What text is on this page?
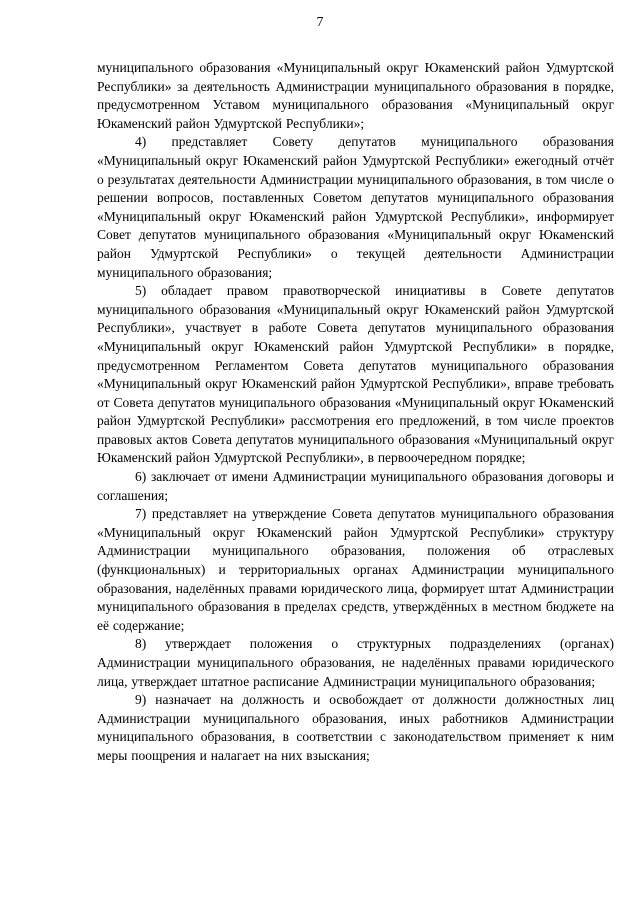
7

муниципального образования «Муниципальный округ Юкаменский район Удмуртской Республики» за деятельность Администрации муниципального образования в порядке, предусмотренном Уставом муниципального образования «Муниципальный округ Юкаменский район Удмуртской Республики»;

4) представляет Совету депутатов муниципального образования «Муниципальный округ Юкаменский район Удмуртской Республики» ежегодный отчёт о результатах деятельности Администрации муниципального образования, в том числе о решении вопросов, поставленных Советом депутатов муниципального образования «Муниципальный округ Юкаменский район Удмуртской Республики», информирует Совет депутатов муниципального образования «Муниципальный округ Юкаменский район Удмуртской Республики» о текущей деятельности Администрации муниципального образования;

5) обладает правом правотворческой инициативы в Совете депутатов муниципального образования «Муниципальный округ Юкаменский район Удмуртской Республики», участвует в работе Совета депутатов муниципального образования «Муниципальный округ Юкаменский район Удмуртской Республики» в порядке, предусмотренном Регламентом Совета депутатов муниципального образования «Муниципальный округ Юкаменский район Удмуртской Республики», вправе требовать от Совета депутатов муниципального образования «Муниципальный округ Юкаменский район Удмуртской Республики» рассмотрения его предложений, в том числе проектов правовых актов Совета депутатов муниципального образования «Муниципальный округ Юкаменский район Удмуртской Республики», в первоочередном порядке;

6) заключает от имени Администрации муниципального образования договоры и соглашения;

7) представляет на утверждение Совета депутатов муниципального образования «Муниципальный округ Юкаменский район Удмуртской Республики» структуру Администрации муниципального образования, положения об отраслевых (функциональных) и территориальных органах Администрации муниципального образования, наделённых правами юридического лица, формирует штат Администрации муниципального образования в пределах средств, утверждённых в местном бюджете на её содержание;

8) утверждает положения о структурных подразделениях (органах) Администрации муниципального образования, не наделённых правами юридического лица, утверждает штатное расписание Администрации муниципального образования;

9) назначает на должность и освобождает от должности должностных лиц Администрации муниципального образования, иных работников Администрации муниципального образования, в соответствии с законодательством применяет к ним меры поощрения и налагает на них взыскания;
